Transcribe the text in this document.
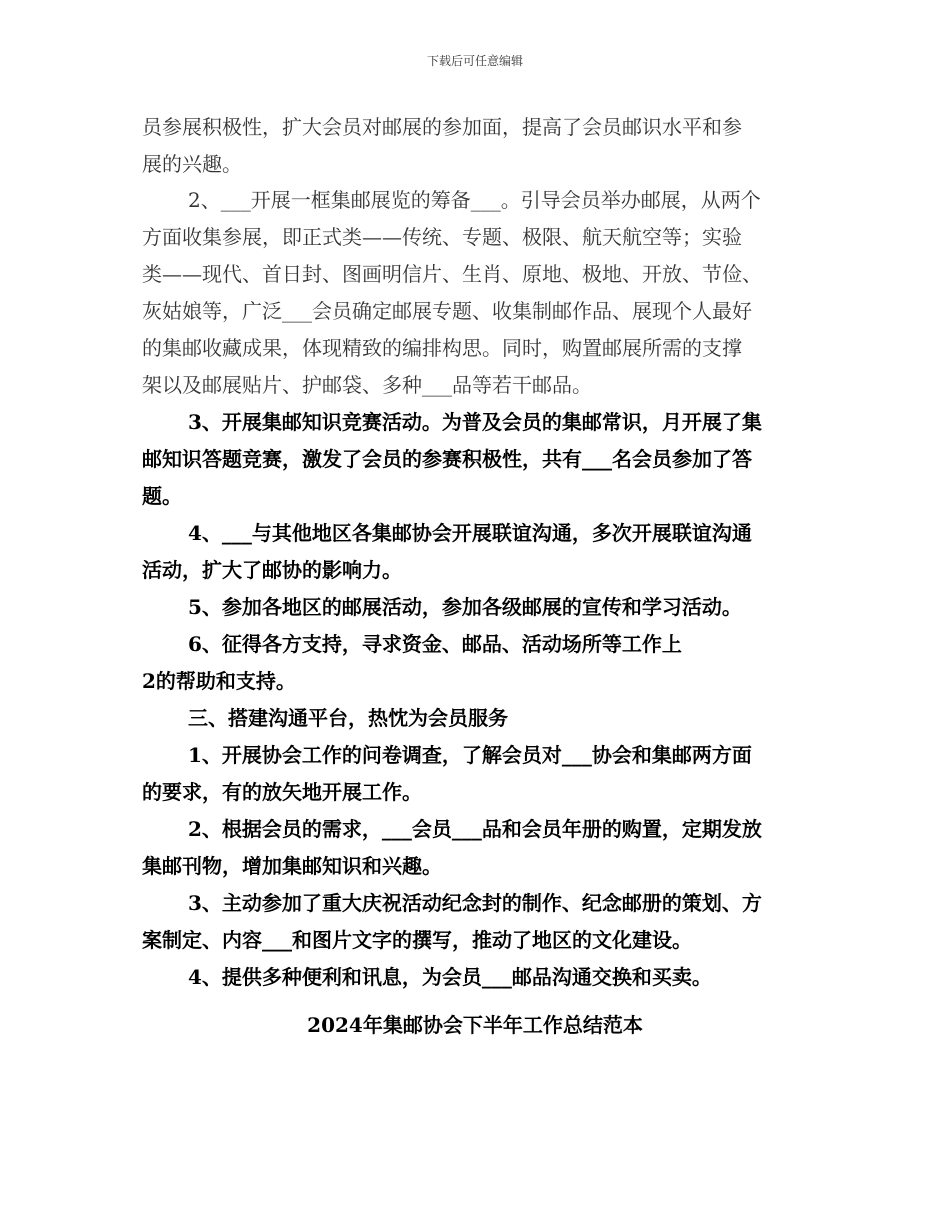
下载后可任意编辑
员参展积极性，扩大会员对邮展的参加面，提高了会员邮识水平和参
展的兴趣。
2、___开展一框集邮展览的筹备___。引导会员举办邮展，从两个
方面收集参展，即正式类——传统、专题、极限、航天航空等；实验
类——现代、首日封、图画明信片、生肖、原地、极地、开放、节俭、
灰姑娘等，广泛___会员确定邮展专题、收集制邮作品、展现个人最好
的集邮收藏成果，体现精致的编排构思。同时，购置邮展所需的支撑
架以及邮展贴片、护邮袋、多种___品等若干邮品。
3、开展集邮知识竞赛活动。为普及会员的集邮常识，月开展了集
邮知识答题竞赛，激发了会员的参赛积极性，共有___名会员参加了答
题。
4、___与其他地区各集邮协会开展联谊沟通，多次开展联谊沟通
活动，扩大了邮协的影响力。
5、参加各地区的邮展活动，参加各级邮展的宣传和学习活动。
6、征得各方支持，寻求资金、邮品、活动场所等工作上
2的帮助和支持。
三、搭建沟通平台，热忱为会员服务
1、开展协会工作的问卷调查，了解会员对___协会和集邮两方面
的要求，有的放矢地开展工作。
2、根据会员的需求，___会员___品和会员年册的购置，定期发放
集邮刊物，增加集邮知识和兴趣。
3、主动参加了重大庆祝活动纪念封的制作、纪念邮册的策划、方
案制定、内容___和图片文字的撰写，推动了地区的文化建设。
4、提供多种便利和讯息，为会员___邮品沟通交换和买卖。
2024年集邮协会下半年工作总结范本
